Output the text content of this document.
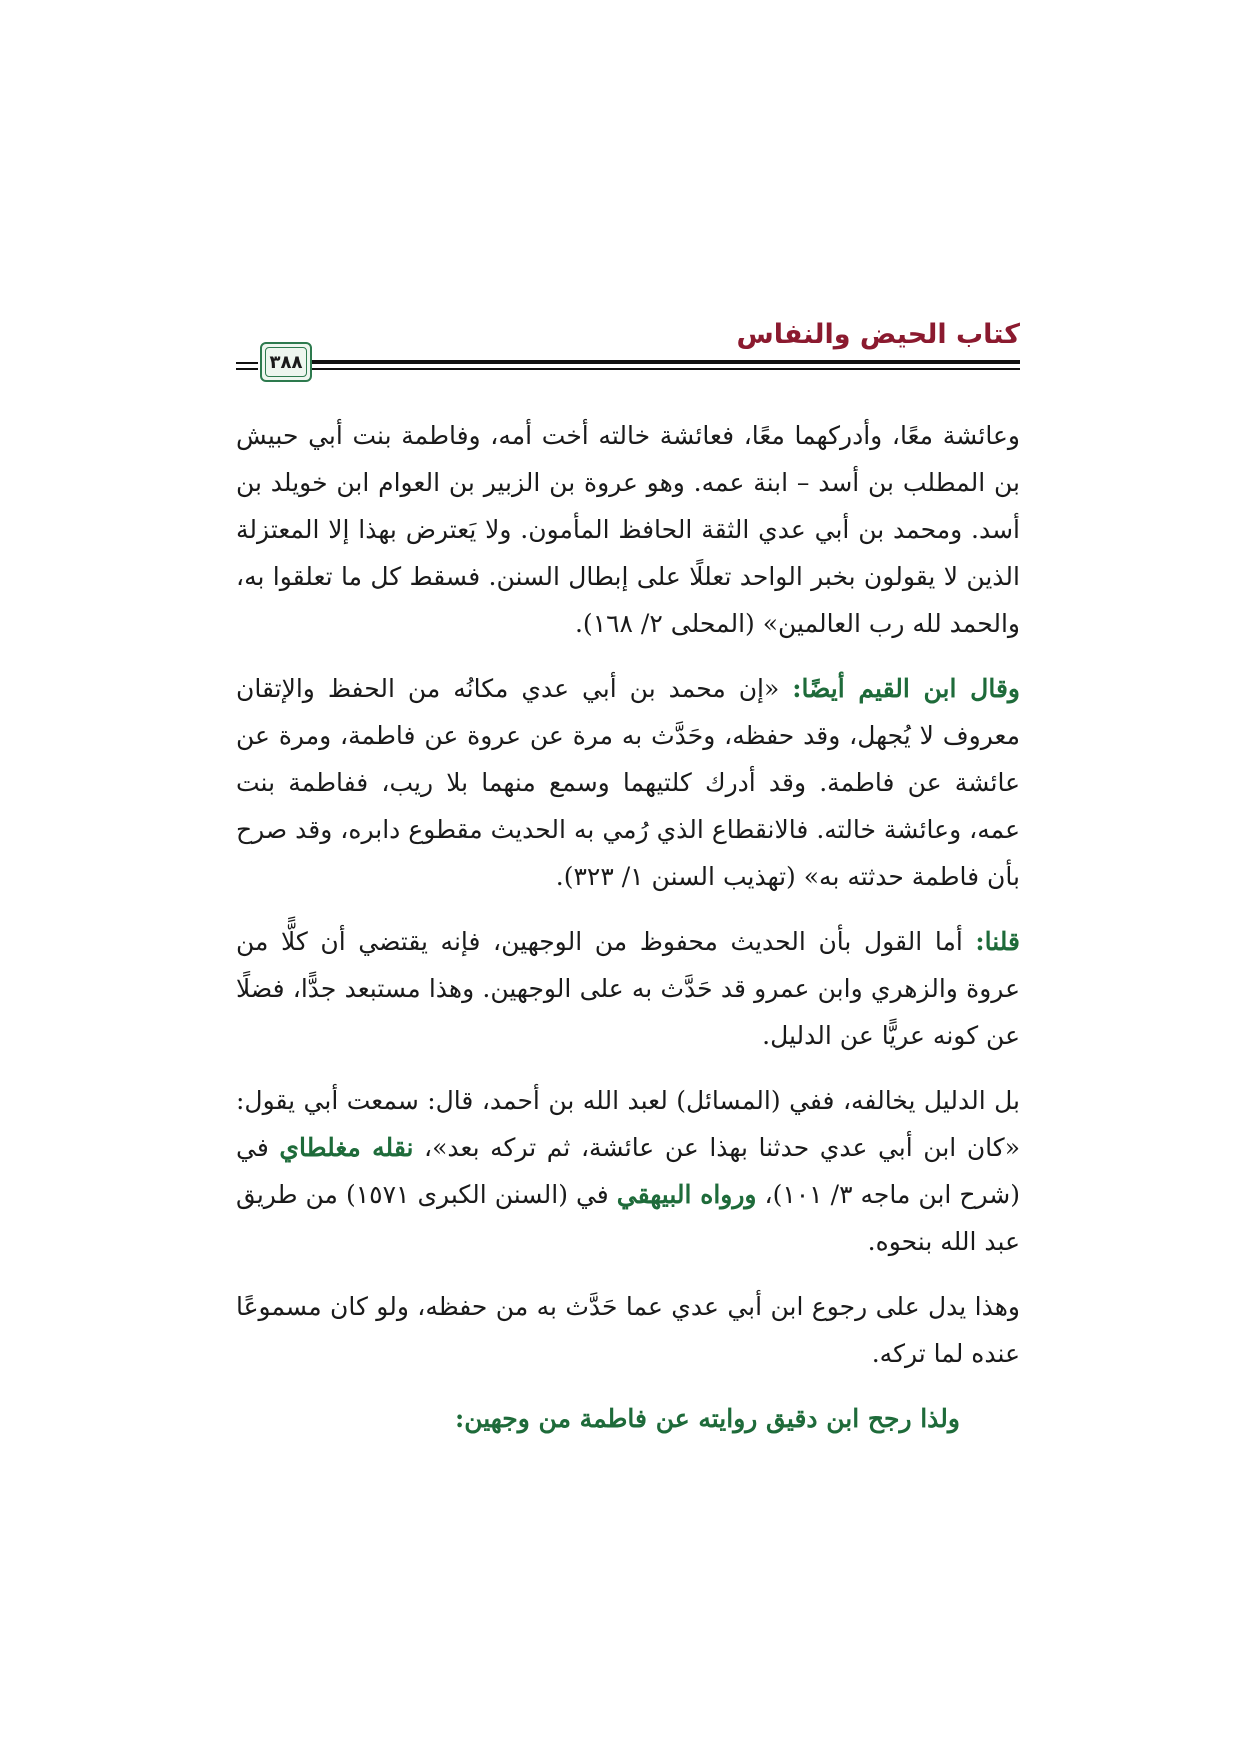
كتاب الحيض والنفاس
٣٨٨

وعائشة معًا، وأدركهما معًا، فعائشة خالته أخت أمه، وفاطمة بنت أبي حبيش بن المطلب بن أسد – ابنة عمه. وهو عروة بن الزبير بن العوام ابن خويلد بن أسد. ومحمد بن أبي عدي الثقة الحافظ المأمون. ولا يَعترض بهذا إلا المعتزلة الذين لا يقولون بخبر الواحد تعللًا على إبطال السنن. فسقط كل ما تعلقوا به، والحمد لله رب العالمين» (المحلى ٢/ ١٦٨).

وقال ابن القيم أيضًا: «إن محمد بن أبي عدي مكانُه من الحفظ والإتقان معروف لا يُجهل، وقد حفظه، وحَدَّث به مرة عن عروة عن فاطمة، ومرة عن عائشة عن فاطمة. وقد أدرك كلتيهما وسمع منهما بلا ريب، ففاطمة بنت عمه، وعائشة خالته. فالانقطاع الذي رُمي به الحديث مقطوع دابره، وقد صرح بأن فاطمة حدثته به» (تهذيب السنن ١/ ٣٢٣).

قلنا: أما القول بأن الحديث محفوظ من الوجهين، فإنه يقتضي أن كلًّا من عروة والزهري وابن عمرو قد حَدَّث به على الوجهين. وهذا مستبعد جدًّا، فضلًا عن كونه عريًّا عن الدليل.

بل الدليل يخالفه، ففي (المسائل) لعبد الله بن أحمد، قال: سمعت أبي يقول: «كان ابن أبي عدي حدثنا بهذا عن عائشة، ثم تركه بعد»، نقله مغلطاي في (شرح ابن ماجه ٣/ ١٠١)، ورواه البيهقي في (السنن الكبرى ١٥٧١) من طريق عبد الله بنحوه.

وهذا يدل على رجوع ابن أبي عدي عما حَدَّث به من حفظه، ولو كان مسموعًا عنده لما تركه.

ولذا رجح ابن دقيق روايته عن فاطمة من وجهين:
